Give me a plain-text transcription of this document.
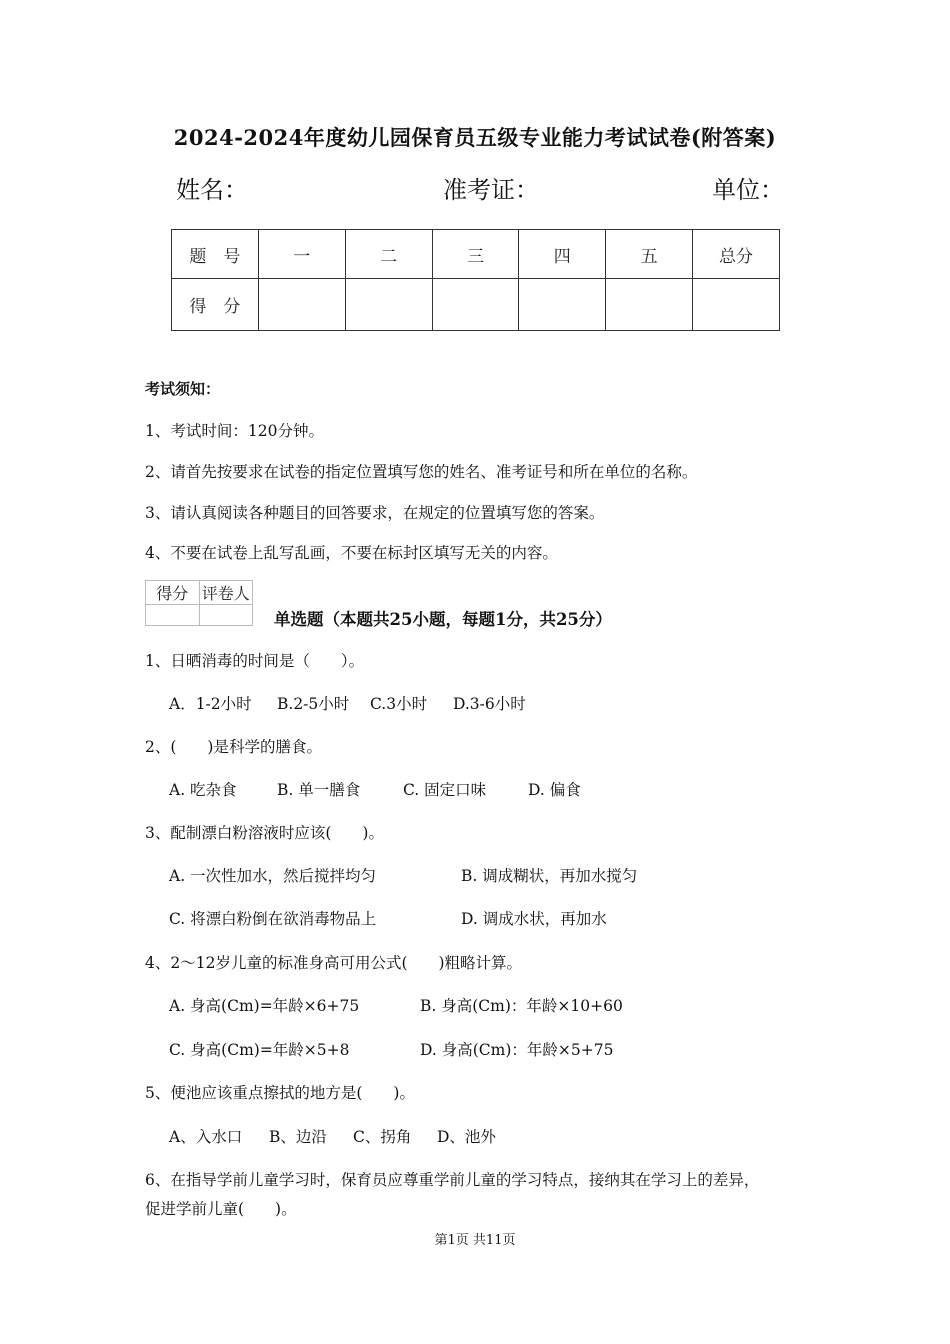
2024-2024年度幼儿园保育员五级专业能力考试试卷(附答案)
姓名：	准考证：	单位：
题　号	一	二	三	四	五	总分
得　分						
考试须知：
1、考试时间：120分钟。
2、请首先按要求在试卷的指定位置填写您的姓名、准考证号和所在单位的名称。
3、请认真阅读各种题目的回答要求，在规定的位置填写您的答案。
4、不要在试卷上乱写乱画，不要在标封区填写无关的内容。
得分	评卷人

单选题（本题共25小题，每题1分，共25分）
1、日晒消毒的时间是（　　）。
A．1-2小时 B.2-5小时 C.3小时 D.3-6小时
2、(　　)是科学的膳食。
A. 吃杂食	B. 单一膳食	C. 固定口味	D. 偏食
3、配制漂白粉溶液时应该(　　)。
A. 一次性加水，然后搅拌均匀	B. 调成糊状，再加水搅匀
C. 将漂白粉倒在欲消毒物品上	D. 调成水状，再加水
4、2～12岁儿童的标准身高可用公式(　　)粗略计算。
A. 身高(Cm)=年龄×6+75	B. 身高(Cm)：年龄×10+60
C. 身高(Cm)=年龄×5+8	D. 身高(Cm)：年龄×5+75
5、便池应该重点擦拭的地方是(　　)。
A、入水口 B、边沿 C、拐角 D、池外
6、在指导学前儿童学习时，保育员应尊重学前儿童的学习特点，接纳其在学习上的差异，
促进学前儿童(　　)。
第1页 共11页
